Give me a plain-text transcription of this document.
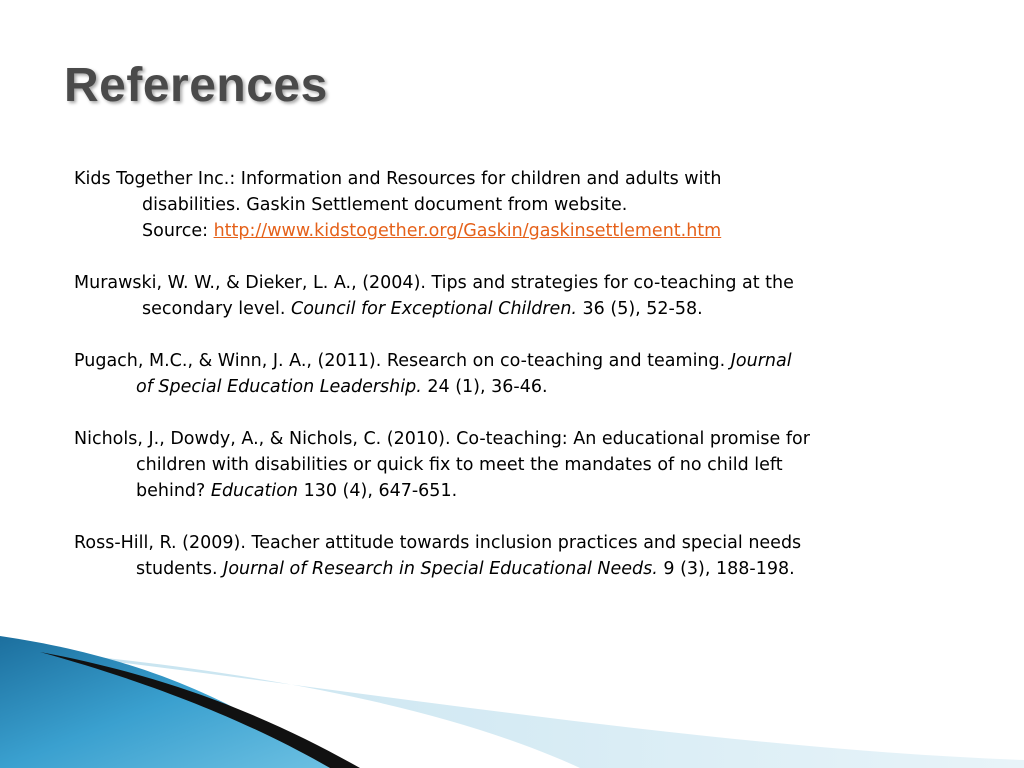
References

Kids Together Inc.: Information and Resources for children and adults with
disabilities. Gaskin Settlement document from website.
Source: http://www.kidstogether.org/Gaskin/gaskinsettlement.htm

Murawski, W. W., & Dieker, L. A., (2004). Tips and strategies for co-teaching at the
secondary level. Council for Exceptional Children. 36 (5), 52-58.

Pugach, M.C., & Winn, J. A., (2011). Research on co-teaching and teaming. Journal
of Special Education Leadership. 24 (1), 36-46.

Nichols, J., Dowdy, A., & Nichols, C. (2010). Co-teaching: An educational promise for
children with disabilities or quick fix to meet the mandates of no child left
behind? Education 130 (4), 647-651.

Ross-Hill, R. (2009). Teacher attitude towards inclusion practices and special needs
students. Journal of Research in Special Educational Needs. 9 (3), 188-198.
